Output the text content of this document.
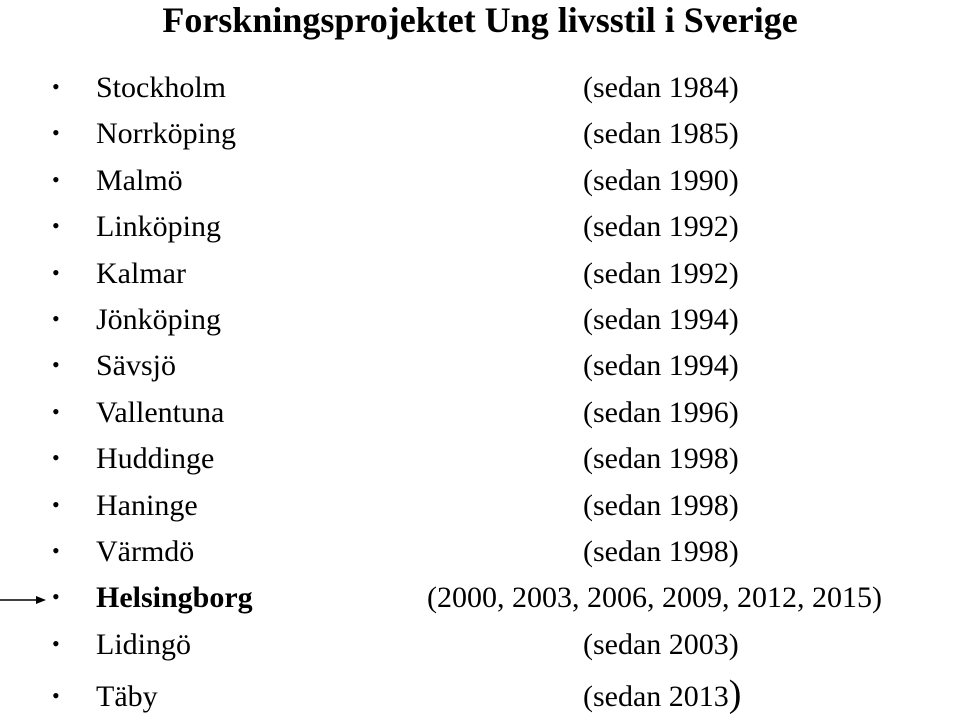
Forskningsprojektet Ung livsstil i Sverige
• Stockholm	(sedan 1984)
• Norrköping	(sedan 1985)
• Malmö	(sedan 1990)
• Linköping	(sedan 1992)
• Kalmar	(sedan 1992)
• Jönköping	(sedan 1994)
• Sävsjö	(sedan 1994)
• Vallentuna	(sedan 1996)
• Huddinge	(sedan 1998)
• Haninge	(sedan 1998)
• Värmdö	(sedan 1998)
• Helsingborg	(2000, 2003, 2006, 2009, 2012, 2015)
• Lidingö	(sedan 2003)
• Täby	(sedan 2013)
